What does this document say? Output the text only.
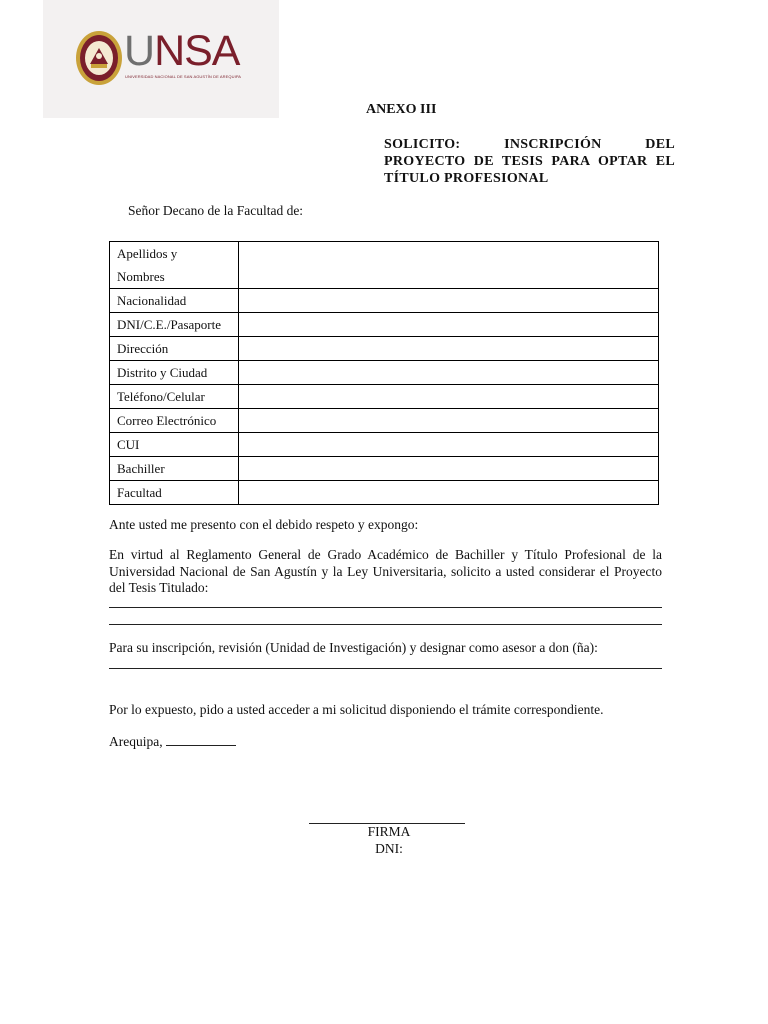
UNSA
UNIVERSIDAD NACIONAL DE SAN AGUSTÍN DE AREQUIPA
ANEXO III
SOLICITO: INSCRIPCIÓN DEL PROYECTO DE TESIS PARA OPTAR EL TÍTULO PROFESIONAL
Señor Decano de la Facultad de:
Apellidos y
Nombres	
Nacionalidad	
DNI/C.E./Pasaporte	
Dirección	
Distrito y Ciudad	
Teléfono/Celular	
Correo Electrónico	
CUI	
Bachiller	
Facultad	
Ante usted me presento con el debido respeto y expongo:
En virtud al Reglamento General de Grado Académico de Bachiller y Título Profesional de la Universidad Nacional de San Agustín y la Ley Universitaria, solicito a usted considerar el Proyecto del Tesis Titulado:
Para su inscripción, revisión (Unidad de Investigación) y designar como asesor a don (ña):
Por lo expuesto, pido a usted acceder a mi solicitud disponiendo el trámite correspondiente.
Arequipa,
FIRMA
DNI:
